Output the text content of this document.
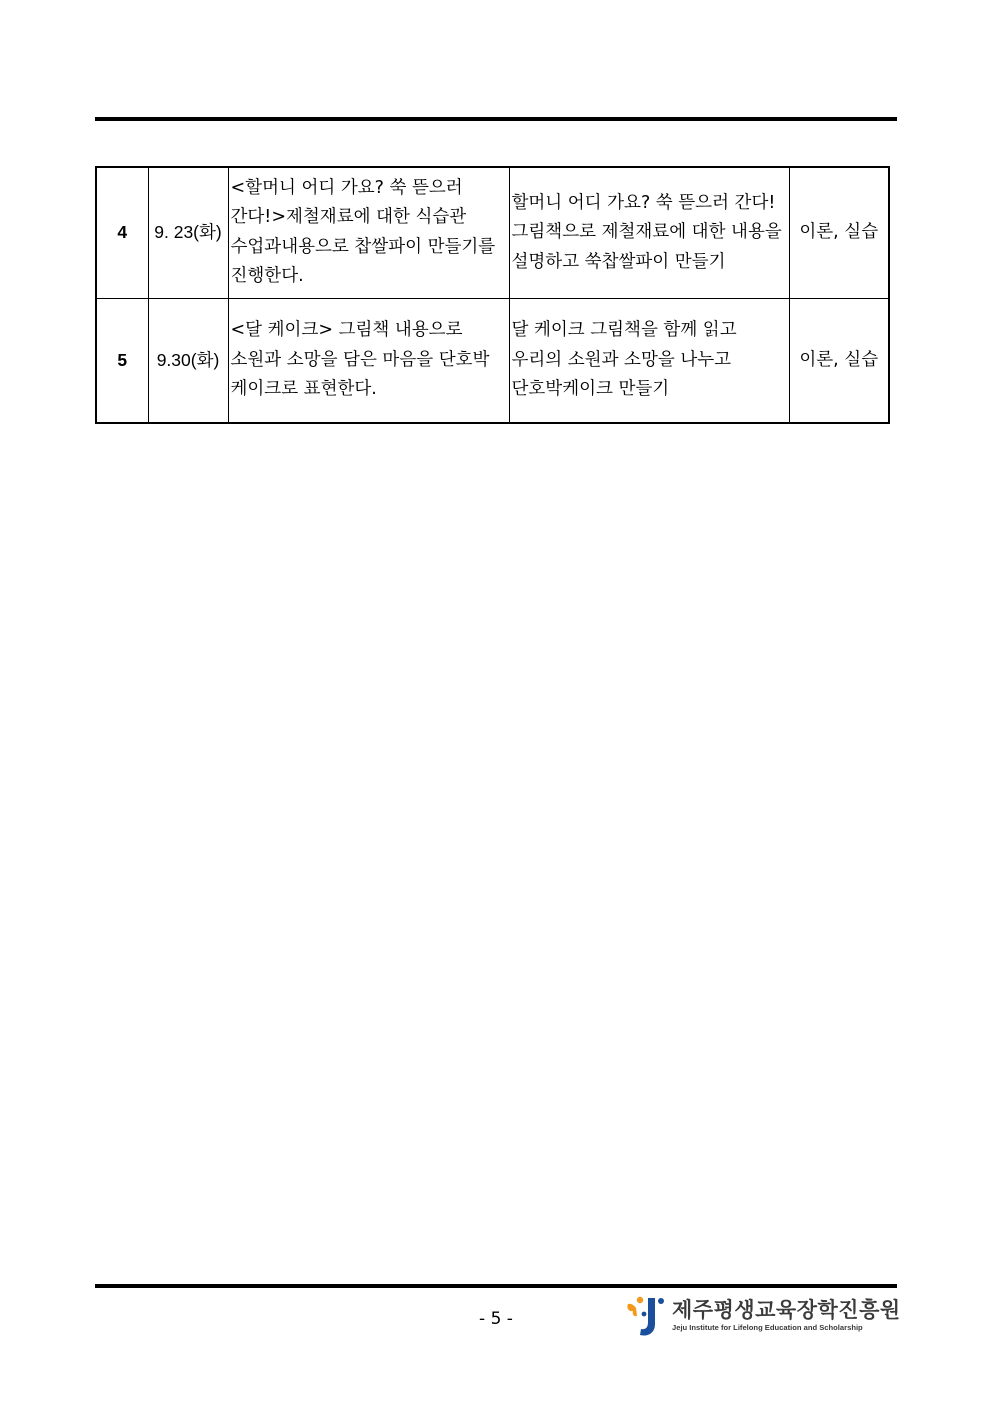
4	9. 23(화)	<할머니 어디 가요? 쑥 뜯으러 간다!>제철재료에 대한 식습관 수업과내용으로 찹쌀파이 만들기를 진행한다.	할머니 어디 가요? 쑥 뜯으러 간다! 그림책으로 제철재료에 대한 내용을 설명하고 쑥찹쌀파이 만들기	이론, 실습
5	9.30(화)	<달 케이크> 그림책 내용으로 소원과 소망을 담은 마음을 단호박 케이크로 표현한다.	달 케이크 그림책을 함께 읽고 우리의 소원과 소망을 나누고 단호박케이크 만들기	이론, 실습
- 5 -	제주평생교육장학진흥원
Jeju Institute for Lifelong Education and Scholarship
